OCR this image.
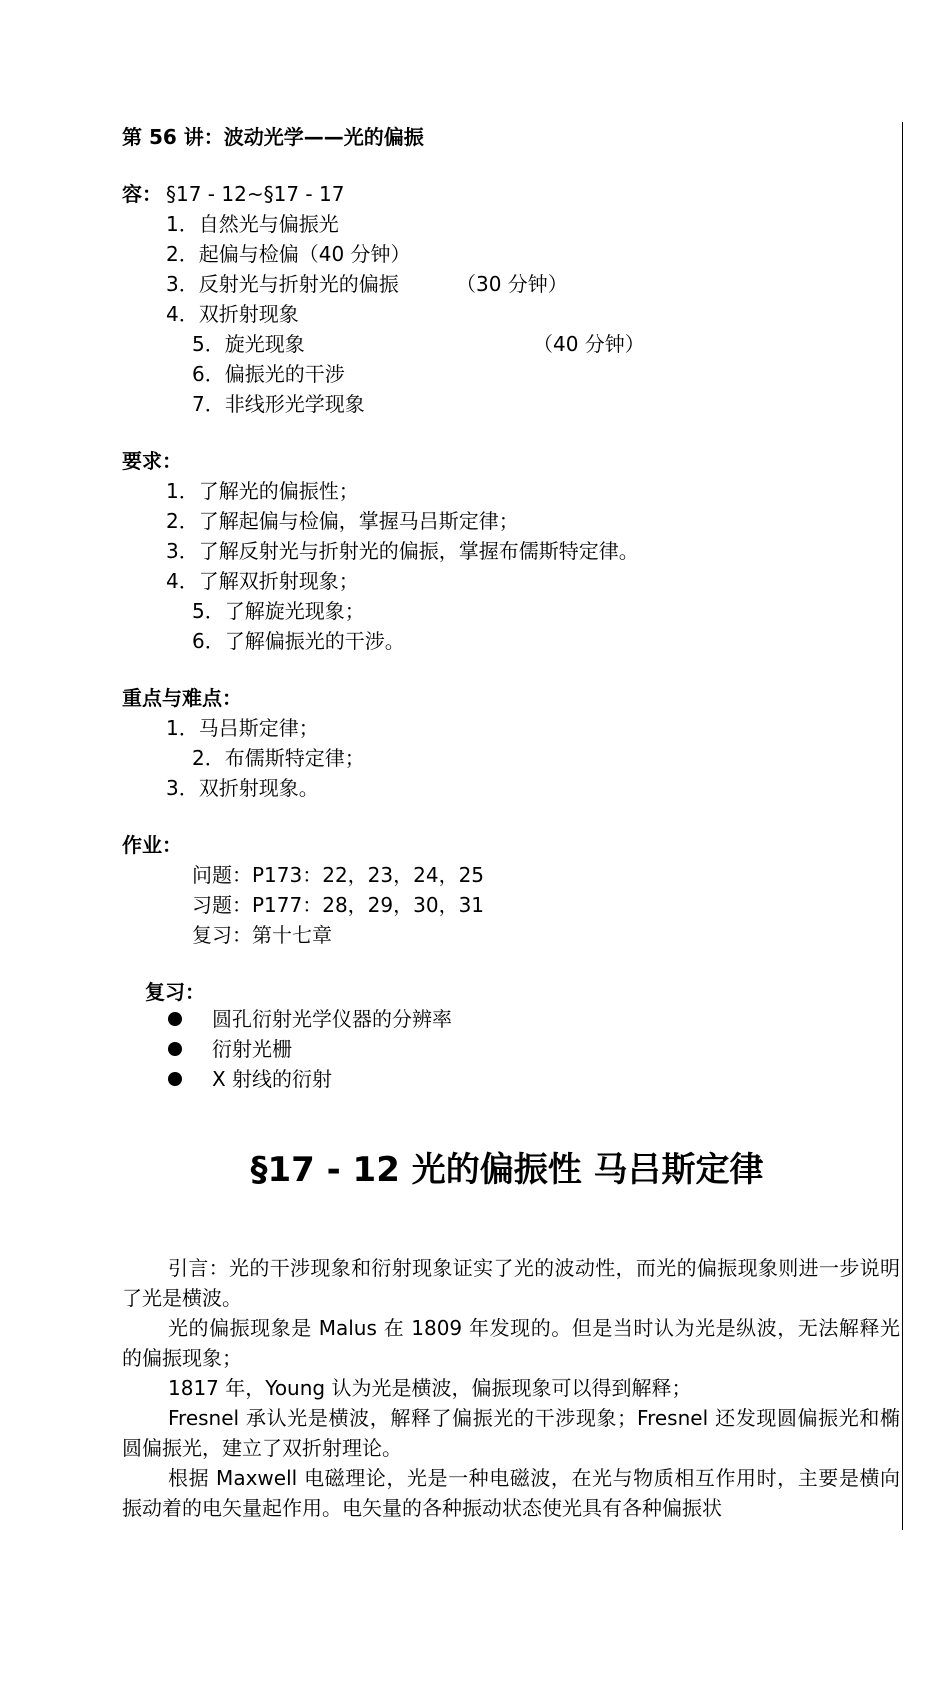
第 56 讲：波动光学——光的偏振
容： §17 - 12~§17 - 17
1．自然光与偏振光
2．起偏与检偏（40 分钟）
3．反射光与折射光的偏振	（30 分钟）
4．双折射现象
5．旋光现象	（40 分钟）
6．偏振光的干涉
7．非线形光学现象
要求：
1．了解光的偏振性；
2．了解起偏与检偏，掌握马吕斯定律；
3．了解反射光与折射光的偏振，掌握布儒斯特定律。
4．了解双折射现象；
5．了解旋光现象；
6．了解偏振光的干涉。
重点与难点：
1．马吕斯定律；
2．布儒斯特定律；
3．双折射现象。
作业：
问题：P173：22，23，24，25
习题：P177：28，29，30，31
复习：第十七章
复习：
圆孔衍射光学仪器的分辨率
衍射光栅
X 射线的衍射
§17 - 12 光的偏振性 马吕斯定律
引言：光的干涉现象和衍射现象证实了光的波动性，而光的偏振现象则进一步说明了光是横波。
光的偏振现象是 Malus 在 1809 年发现的。但是当时认为光是纵波，无法解释光的偏振现象；
1817 年，Young 认为光是横波，偏振现象可以得到解释；
Fresnel 承认光是横波，解释了偏振光的干涉现象；Fresnel 还发现圆偏振光和椭圆偏振光，建立了双折射理论。
根据 Maxwell 电磁理论，光是一种电磁波，在光与物质相互作用时，主要是横向振动着的电矢量起作用。电矢量的各种振动状态使光具有各种偏振状
